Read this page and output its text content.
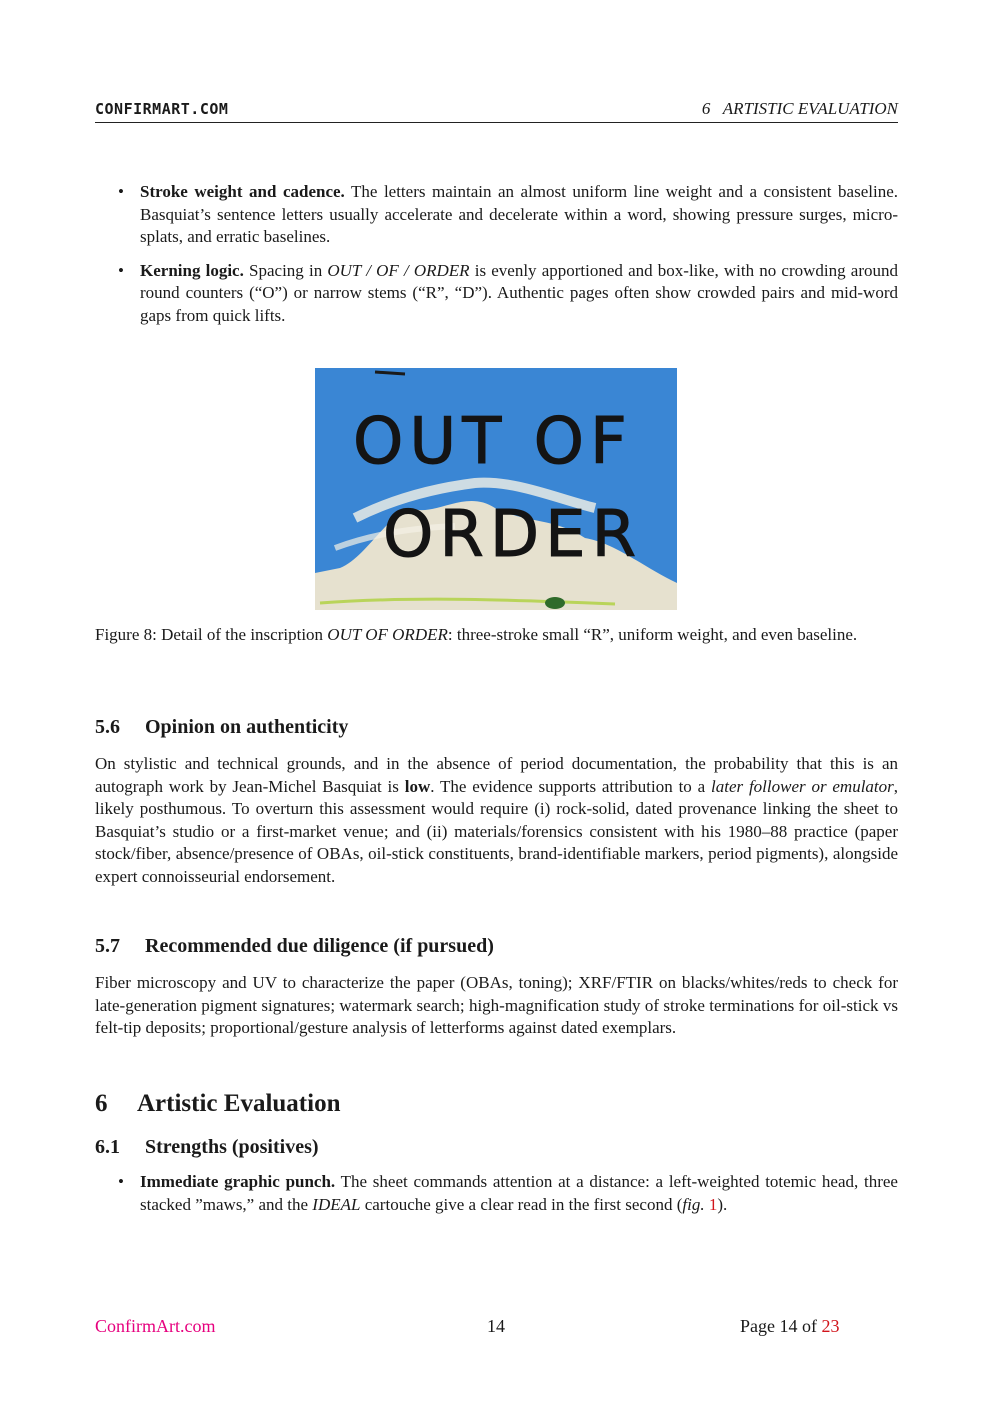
CONFIRMART.COM	6   ARTISTIC EVALUATION
• Stroke weight and cadence. The letters maintain an almost uniform line weight and a consistent baseline. Basquiat’s sentence letters usually accelerate and decelerate within a word, showing pressure surges, micro-splats, and erratic baselines.
• Kerning logic. Spacing in OUT / OF / ORDER is evenly apportioned and box-like, with no crowding around round counters (“O”) or narrow stems (“R”, “D”). Authentic pages often show crowded pairs and mid-word gaps from quick lifts.
OUT OF
ORDER
Figure 8: Detail of the inscription OUT OF ORDER: three-stroke small “R”, uniform weight, and even baseline.
5.6 Opinion on authenticity
On stylistic and technical grounds, and in the absence of period documentation, the probability that this is an autograph work by Jean-Michel Basquiat is low. The evidence supports attribution to a later follower or emulator, likely posthumous. To overturn this assessment would require (i) rock-solid, dated provenance linking the sheet to Basquiat’s studio or a first-market venue; and (ii) materials/forensics consistent with his 1980–88 practice (paper stock/fiber, absence/presence of OBAs, oil-stick constituents, brand-identifiable markers, period pigments), alongside expert connoisseurial endorsement.
5.7 Recommended due diligence (if pursued)
Fiber microscopy and UV to characterize the paper (OBAs, toning); XRF/FTIR on blacks/whites/reds to check for late-generation pigment signatures; watermark search; high-magnification study of stroke terminations for oil-stick vs felt-tip deposits; proportional/gesture analysis of letterforms against dated exemplars.
6 Artistic Evaluation
6.1 Strengths (positives)
• Immediate graphic punch. The sheet commands attention at a distance: a left-weighted totemic head, three stacked ”maws,” and the IDEAL cartouche give a clear read in the first second (fig. 1).
ConfirmArt.com	14	Page 14 of 23
